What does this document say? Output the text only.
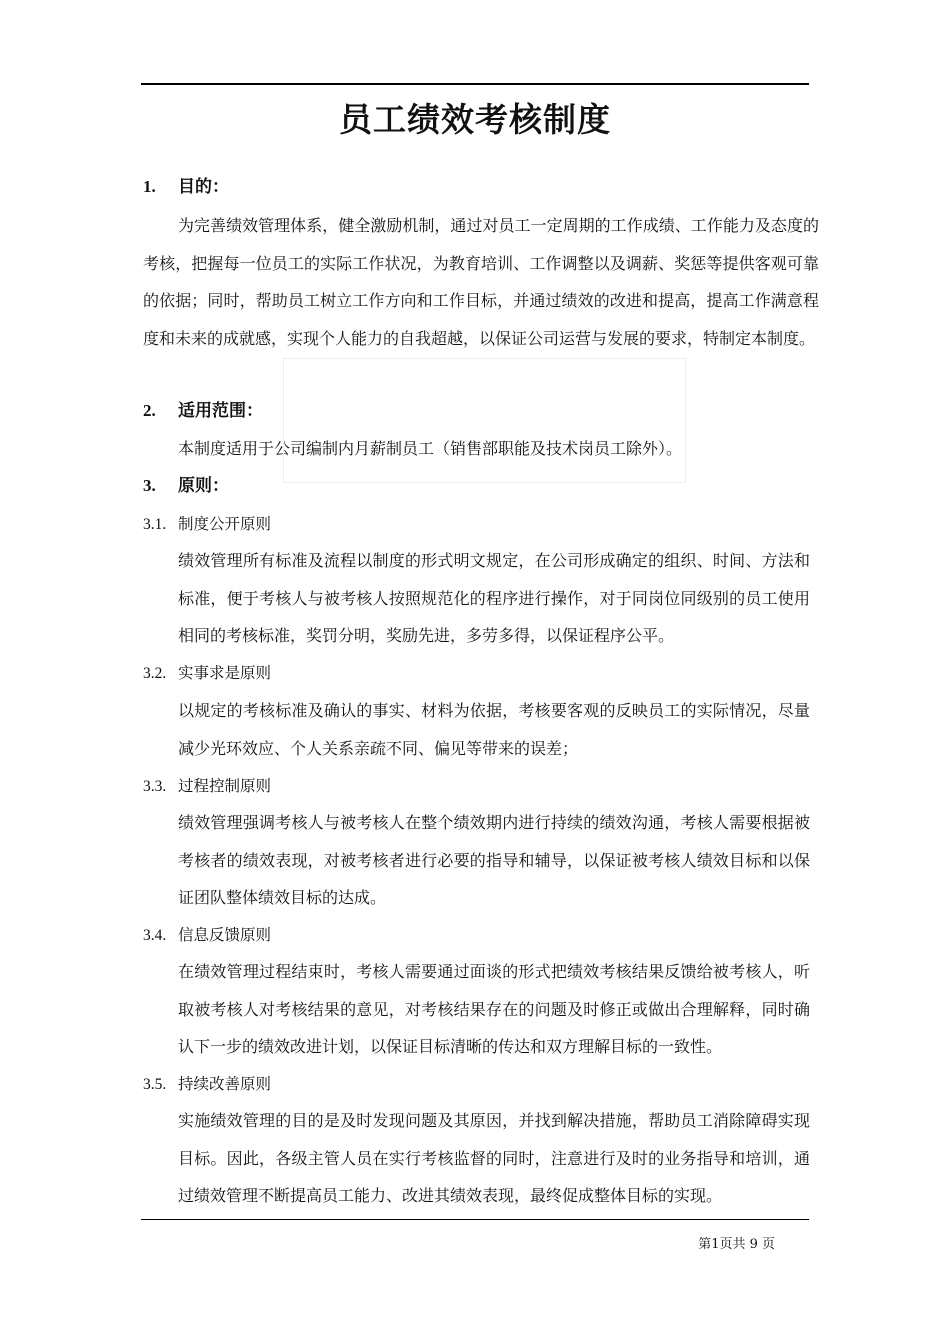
员工绩效考核制度
1. 目的：
为完善绩效管理体系，健全激励机制，通过对员工一定周期的工作成绩、工作能力及态度的考核，把握每一位员工的实际工作状况，为教育培训、工作调整以及调薪、奖惩等提供客观可靠的依据；同时，帮助员工树立工作方向和工作目标，并通过绩效的改进和提高，提高工作满意程度和未来的成就感，实现个人能力的自我超越，以保证公司运营与发展的要求，特制定本制度。
2. 适用范围：
本制度适用于公司编制内月薪制员工（销售部职能及技术岗员工除外）。
3. 原则：
3.1. 制度公开原则
绩效管理所有标准及流程以制度的形式明文规定，在公司形成确定的组织、时间、方法和标准，便于考核人与被考核人按照规范化的程序进行操作，对于同岗位同级别的员工使用相同的考核标准，奖罚分明，奖励先进，多劳多得，以保证程序公平。
3.2. 实事求是原则
以规定的考核标准及确认的事实、材料为依据，考核要客观的反映员工的实际情况，尽量减少光环效应、个人关系亲疏不同、偏见等带来的误差；
3.3. 过程控制原则
绩效管理强调考核人与被考核人在整个绩效期内进行持续的绩效沟通，考核人需要根据被考核者的绩效表现，对被考核者进行必要的指导和辅导，以保证被考核人绩效目标和以保证团队整体绩效目标的达成。
3.4. 信息反馈原则
在绩效管理过程结束时，考核人需要通过面谈的形式把绩效考核结果反馈给被考核人，听取被考核人对考核结果的意见，对考核结果存在的问题及时修正或做出合理解释，同时确认下一步的绩效改进计划，以保证目标清晰的传达和双方理解目标的一致性。
3.5. 持续改善原则
实施绩效管理的目的是及时发现问题及其原因，并找到解决措施，帮助员工消除障碍实现目标。因此，各级主管人员在实行考核监督的同时，注意进行及时的业务指导和培训，通过绩效管理不断提高员工能力、改进其绩效表现，最终促成整体目标的实现。
第1页共 9 页
